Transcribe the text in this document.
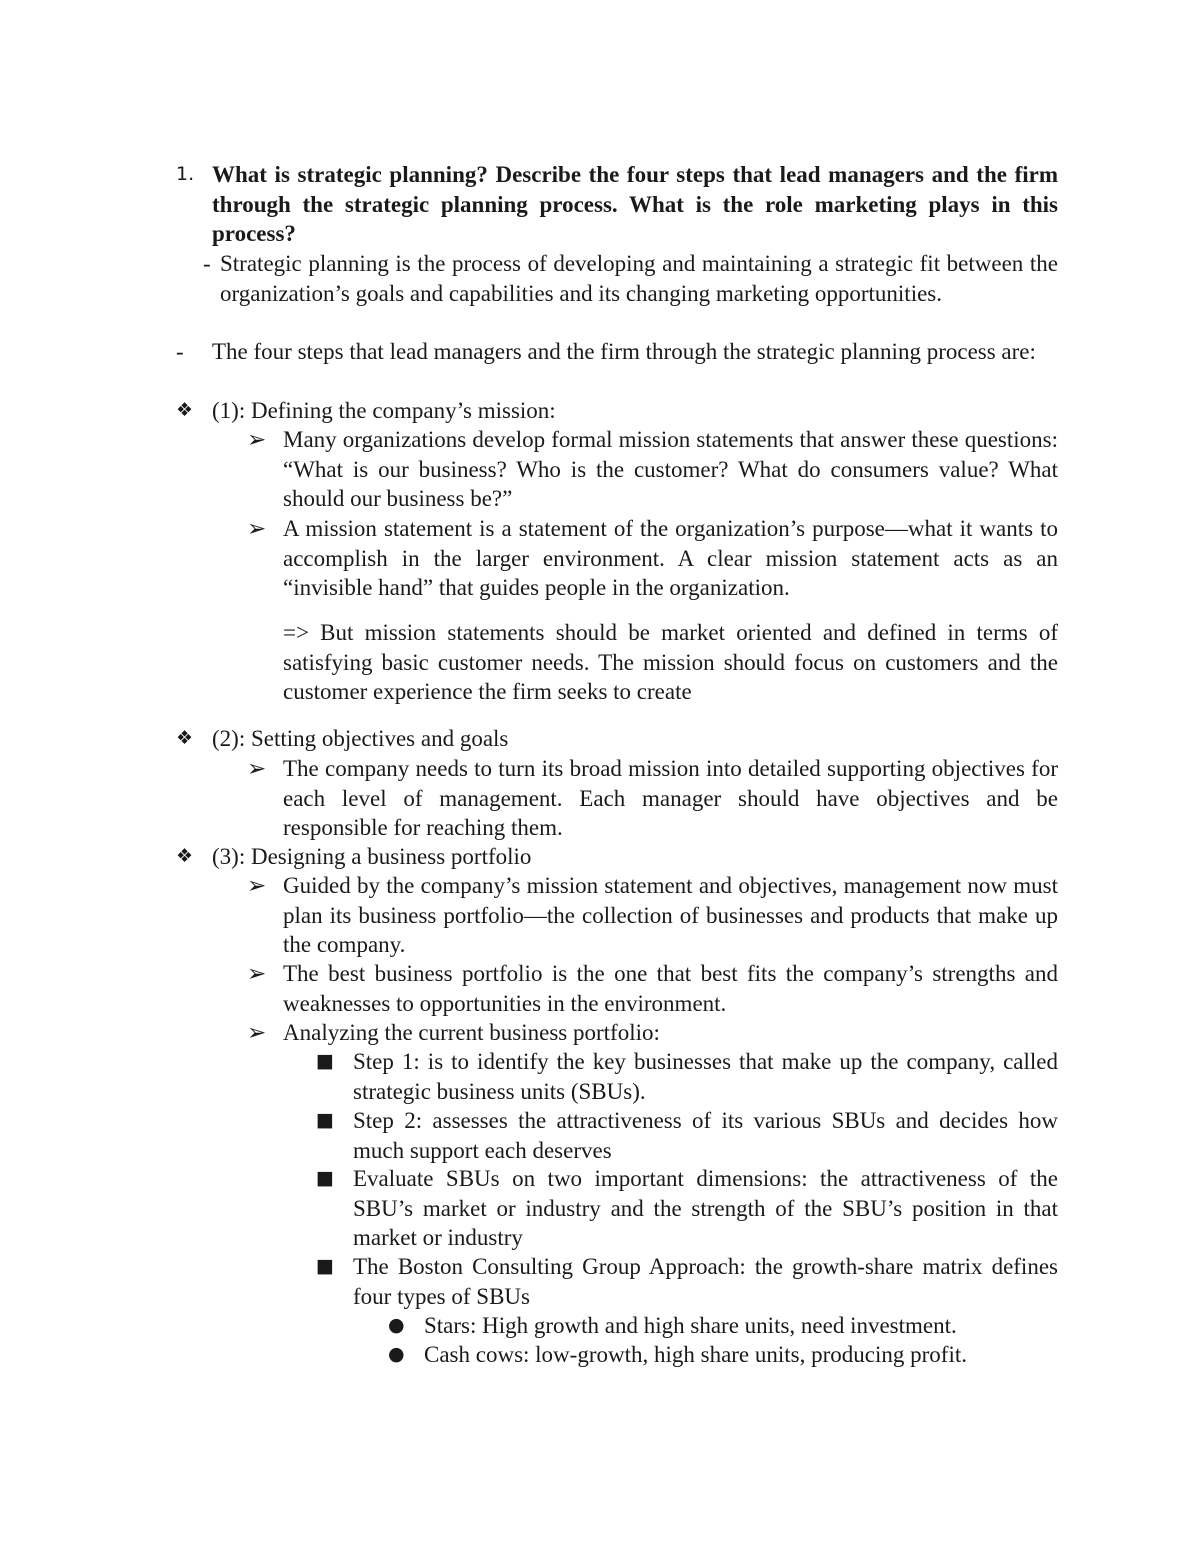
1. What is strategic planning? Describe the four steps that lead managers and the firm through the strategic planning process. What is the role marketing plays in this process?

- Strategic planning is the process of developing and maintaining a strategic fit between the organization’s goals and capabilities and its changing marketing opportunities.

- The four steps that lead managers and the firm through the strategic planning process are:

❖ (1): Defining the company’s mission:

➢ Many organizations develop formal mission statements that answer these questions: “What is our business? Who is the customer? What do consumers value? What should our business be?”

➢ A mission statement is a statement of the organization’s purpose—what it wants to accomplish in the larger environment. A clear mission statement acts as an “invisible hand” that guides people in the organization.

=> But mission statements should be market oriented and defined in terms of satisfying basic customer needs. The mission should focus on customers and the customer experience the firm seeks to create

❖ (2): Setting objectives and goals

➢ The company needs to turn its broad mission into detailed supporting objectives for each level of management. Each manager should have objectives and be responsible for reaching them.

❖ (3): Designing a business portfolio

➢ Guided by the company’s mission statement and objectives, management now must plan its business portfolio—the collection of businesses and products that make up the company.

➢ The best business portfolio is the one that best fits the company’s strengths and weaknesses to opportunities in the environment.

➢ Analyzing the current business portfolio:

■ Step 1: is to identify the key businesses that make up the company, called strategic business units (SBUs).

■ Step 2: assesses the attractiveness of its various SBUs and decides how much support each deserves

■ Evaluate SBUs on two important dimensions: the attractiveness of the SBU’s market or industry and the strength of the SBU’s position in that market or industry

■ The Boston Consulting Group Approach: the growth-share matrix defines four types of SBUs

● Stars: High growth and high share units, need investment.

● Cash cows: low-growth, high share units, producing profit.
